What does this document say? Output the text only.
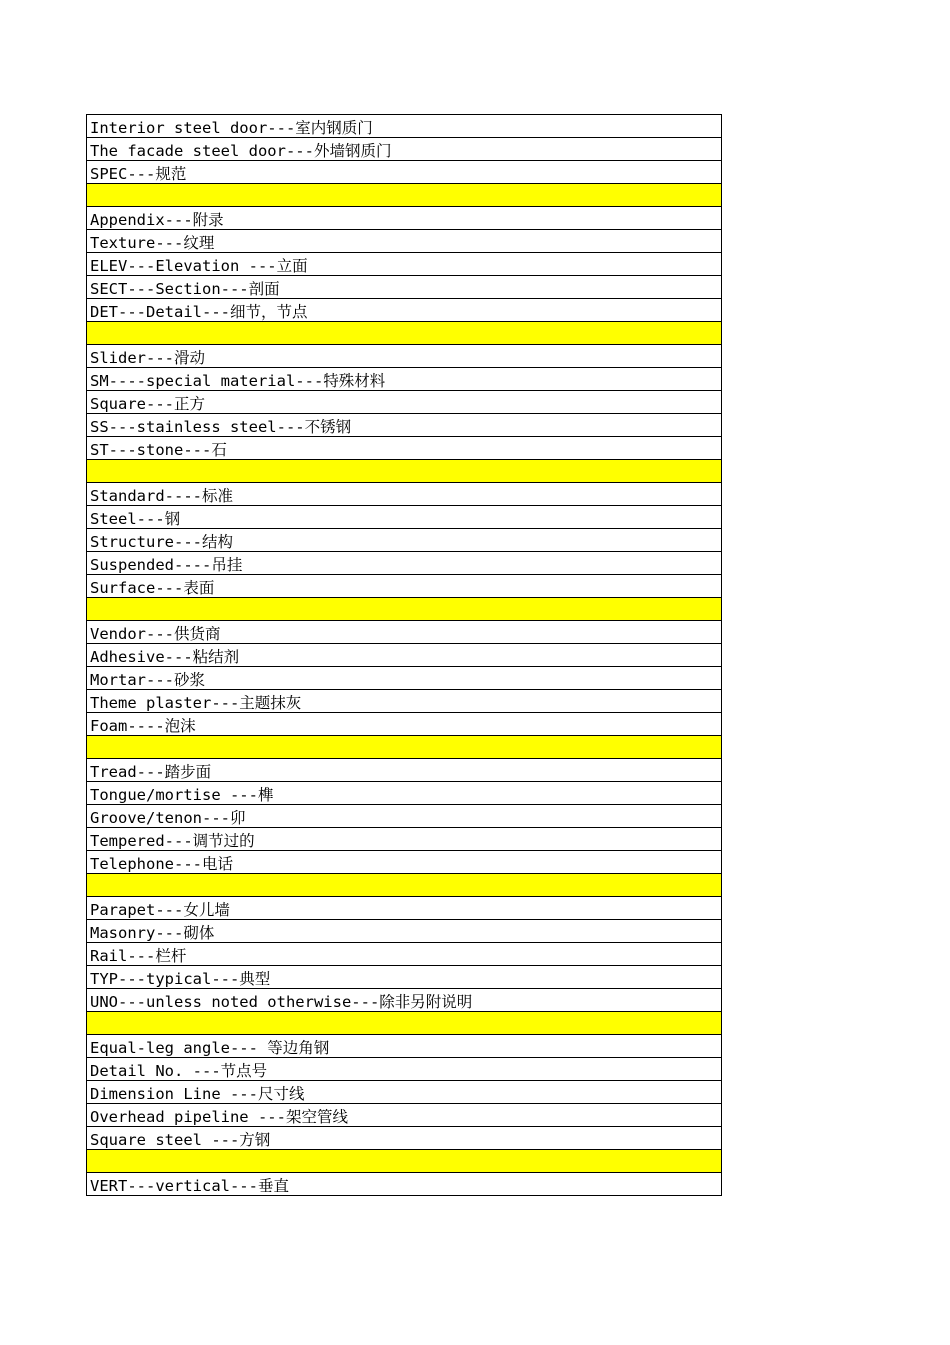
Interior steel door---室内钢质门
The facade steel door---外墙钢质门
SPEC---规范
Appendix---附录
Texture---纹理
ELEV---Elevation ---立面
SECT---Section---剖面
DET---Detail---细节，节点
Slider---滑动
SM----special material---特殊材料
Square---正方
SS---stainless steel---不锈钢
ST---stone---石
Standard----标准
Steel---钢
Structure---结构
Suspended----吊挂
Surface---表面
Vendor---供货商
Adhesive---粘结剂
Mortar---砂浆
Theme plaster---主题抹灰
Foam----泡沫
Tread---踏步面
Tongue/mortise ---榫
Groove/tenon---卯
Tempered---调节过的
Telephone---电话
Parapet---女儿墙
Masonry---砌体
Rail---栏杆
TYP---typical---典型
UNO---unless noted otherwise---除非另附说明
Equal-leg angle--- 等边角钢
Detail No. ---节点号
Dimension Line ---尺寸线
Overhead pipeline ---架空管线
Square steel ---方钢
VERT---vertical---垂直
